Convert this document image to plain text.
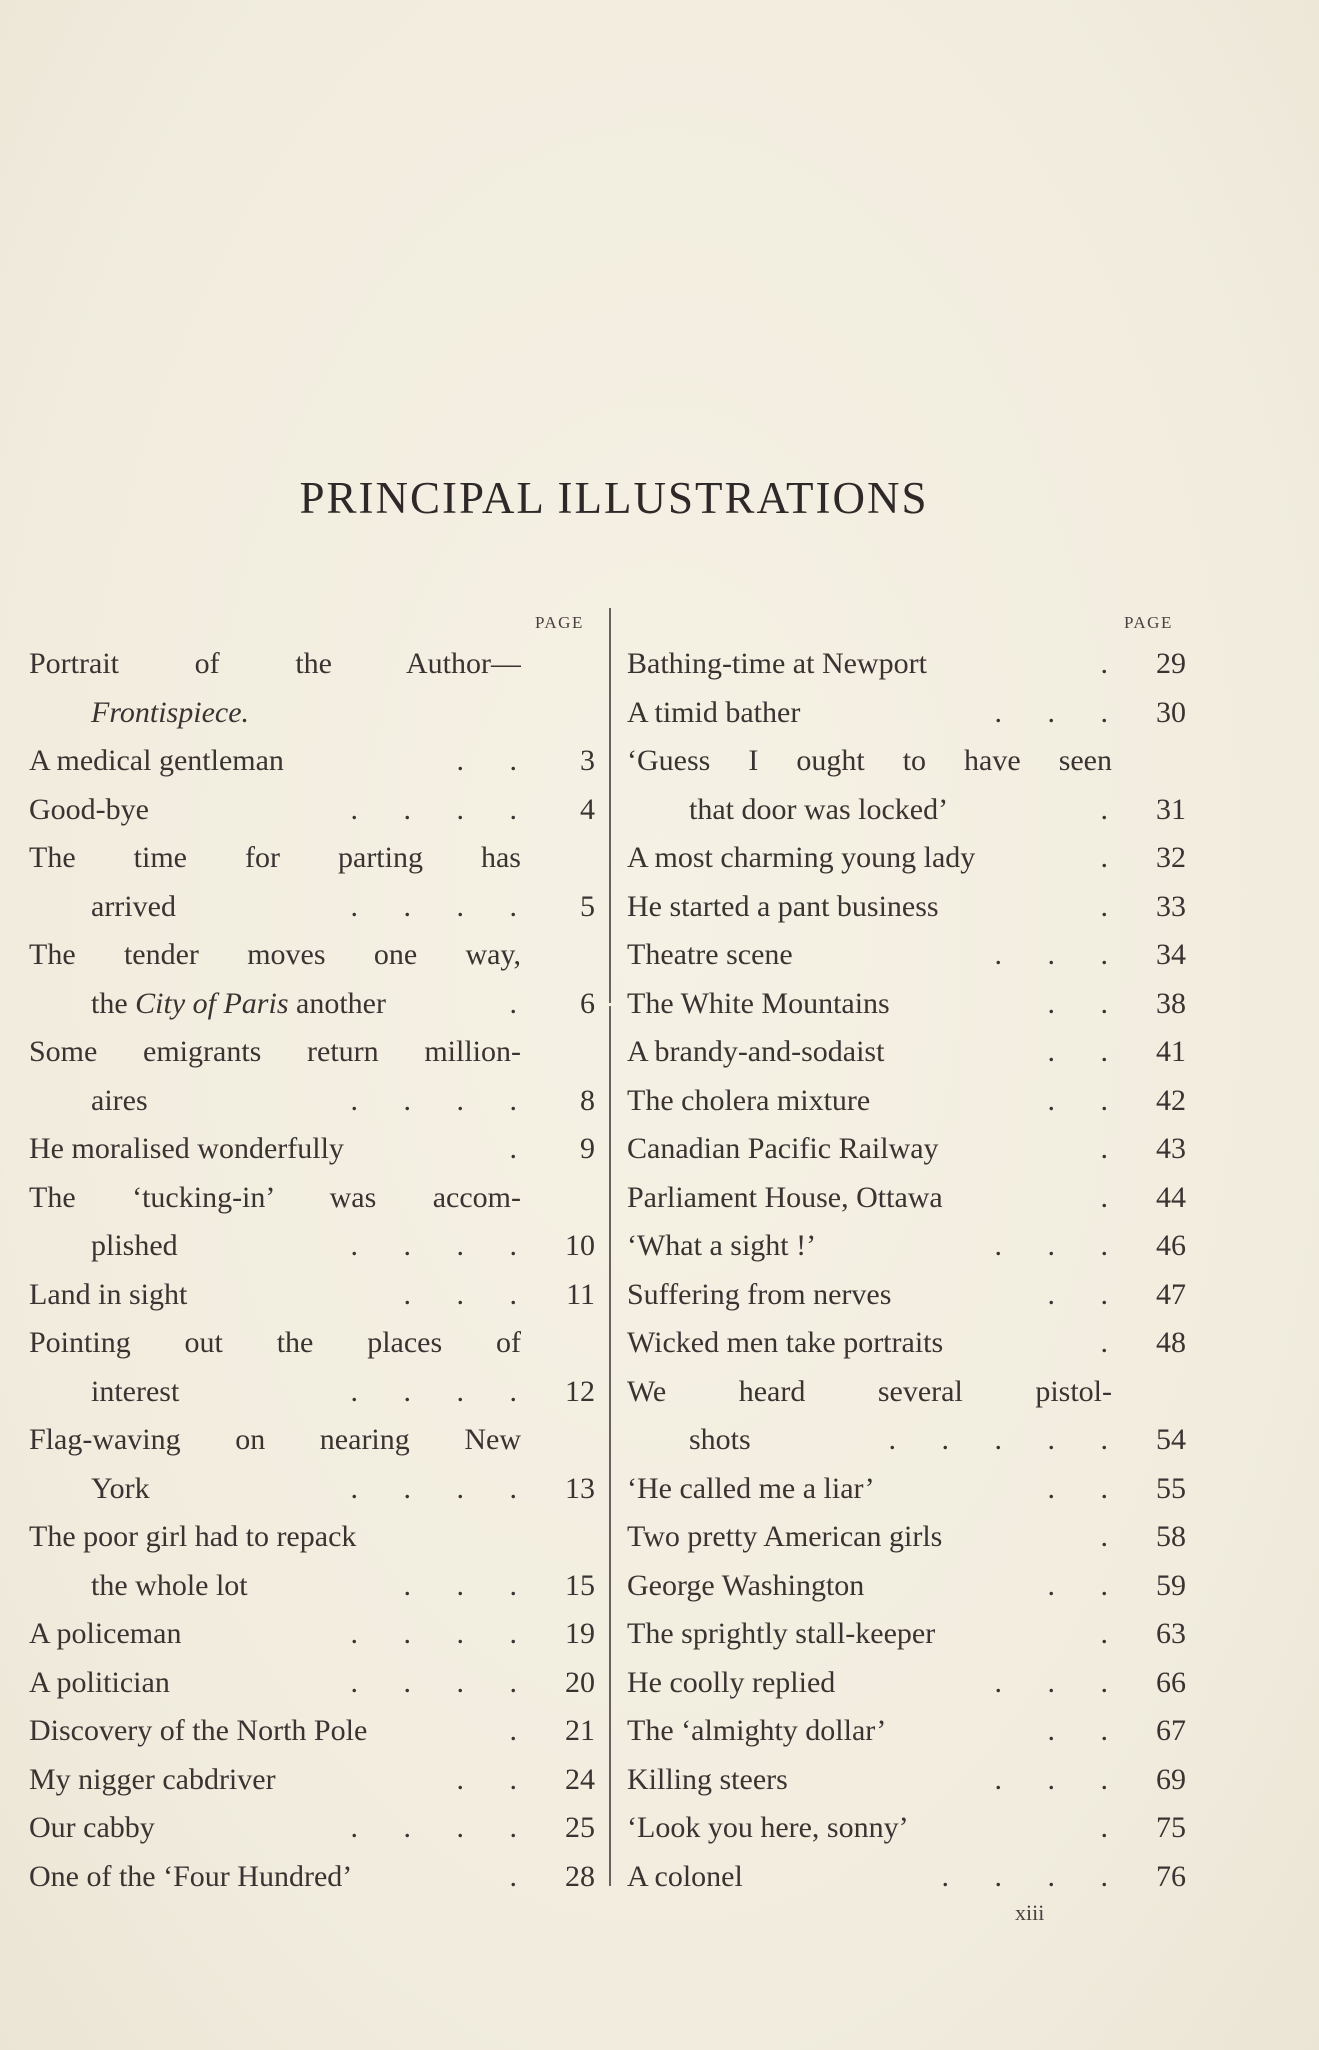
PRINCIPAL ILLUSTRATIONS
PAGE	PAGE
Portrait of the Author—
Frontispiece.
A medical gentleman	. .	3
Good-bye	. . . .	4
The time for parting has
arrived	. . . .	5
The tender moves one way,
the City of Paris another	.	6
Some emigrants return million-
aires	. . . .	8
He moralised wonderfully	.	9
The ‘tucking-in’ was accom-
plished	. . . .	10
Land in sight	. . .	11
Pointing out the places of
interest	. . . .	12
Flag-waving on nearing New
York	. . . .	13
The poor girl had to repack
the whole lot	. . .	15
A policeman	. . . .	19
A politician	. . . .	20
Discovery of the North Pole	.	21
My nigger cabdriver	. .	24
Our cabby	. . . .	25
One of the ‘Four Hundred’	.	28
Bathing-time at Newport	.	29
A timid bather	. . .	30
‘Guess I ought to have seen
that door was locked’	.	31
A most charming young lady	.	32
He started a pant business	.	33
Theatre scene	. . .	34
The White Mountains	. .	38
A brandy-and-sodaist	. .	41
The cholera mixture	. .	42
Canadian Pacific Railway	.	43
Parliament House, Ottawa	.	44
‘What a sight !’	. . .	46
Suffering from nerves	. .	47
Wicked men take portraits	.	48
We heard several pistol-
shots	. . . . .	54
‘He called me a liar’	. .	55
Two pretty American girls	.	58
George Washington	. .	59
The sprightly stall-keeper	.	63
He coolly replied	. . .	66
The ‘almighty dollar’	. .	67
Killing steers	. . .	69
‘Look you here, sonny’	.	75
A colonel	. . . .	76
xiii
